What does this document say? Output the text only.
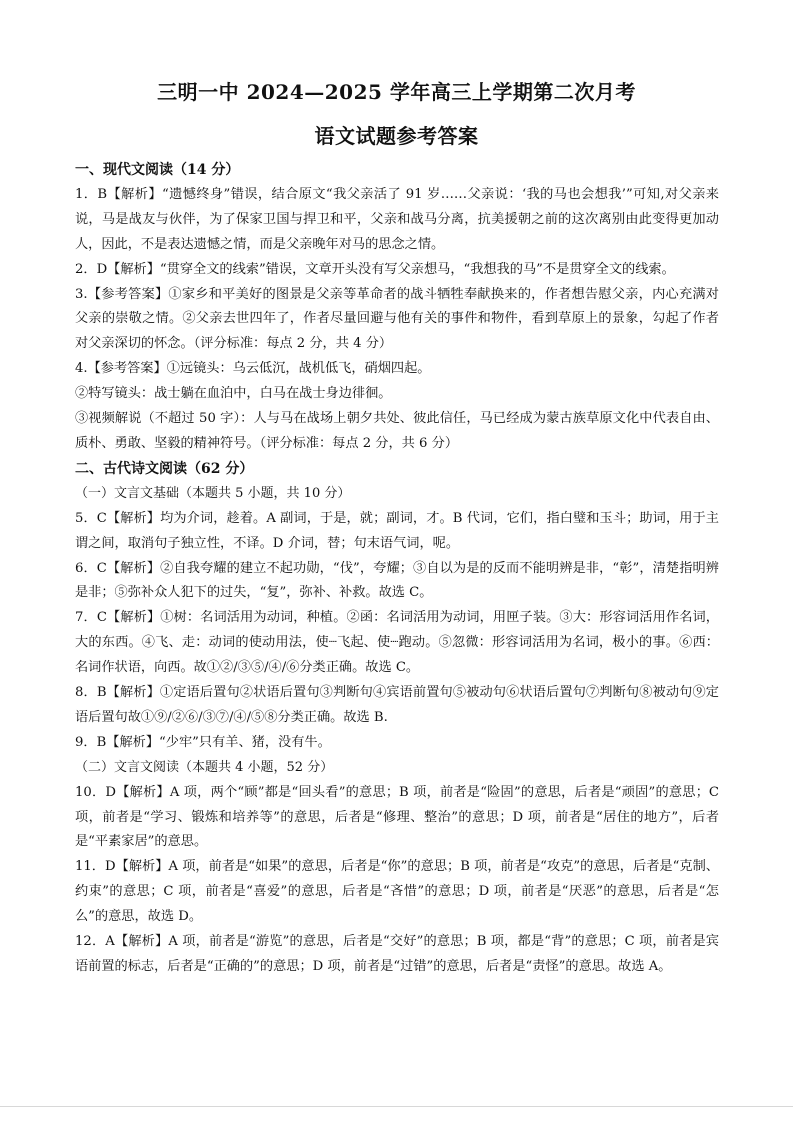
三明一中 2024—2025 学年高三上学期第二次月考
语文试题参考答案

一、现代文阅读（14 分）

1．B【解析】“遗憾终身”错误，结合原文“我父亲活了 91 岁……父亲说：‘我的马也会想我’”可知,对父亲来说，马是战友与伙伴，为了保家卫国与捍卫和平，父亲和战马分离，抗美援朝之前的这次离别由此变得更加动人，因此，不是表达遗憾之情，而是父亲晚年对马的思念之情。

2．D【解析】“贯穿全文的线索”错误，文章开头没有写父亲想马，“我想我的马”不是贯穿全文的线索。

3.【参考答案】①家乡和平美好的图景是父亲等革命者的战斗牺牲奉献换来的，作者想告慰父亲，内心充满对父亲的崇敬之情。②父亲去世四年了，作者尽量回避与他有关的事件和物件，看到草原上的景象，勾起了作者对父亲深切的怀念。（评分标准：每点 2 分，共 4 分）

4.【参考答案】①远镜头：乌云低沉，战机低飞，硝烟四起。

②特写镜头：战士躺在血泊中，白马在战士身边徘徊。

③视频解说（不超过 50 字）：人与马在战场上朝夕共处、彼此信任，马已经成为蒙古族草原文化中代表自由、质朴、勇敢、坚毅的精神符号。（评分标准：每点 2 分，共 6 分）

二、古代诗文阅读（62 分）

（一）文言文基础（本题共 5 小题，共 10 分）

5．C【解析】均为介词，趁着。A 副词，于是，就；副词，才。B 代词，它们，指白璧和玉斗；助词，用于主谓之间，取消句子独立性，不译。D 介词，替；句末语气词，呢。

6．C【解析】②自我夸耀的建立不起功勋，“伐”，夸耀；③自以为是的反而不能明辨是非，“彰”，清楚指明辨是非；⑤弥补众人犯下的过失，“复”，弥补、补救。故选 C。

7．C【解析】①树：名词活用为动词，种植。②函：名词活用为动词，用匣子装。③大：形容词活用作名词，大的东西。④飞、走：动词的使动用法，使┈飞起、使┈跑动。⑤忽微：形容词活用为名词，极小的事。⑥西：名词作状语，向西。故①②/③⑤/④/⑥分类正确。故选 C。

8．B【解析】①定语后置句②状语后置句③判断句④宾语前置句⑤被动句⑥状语后置句⑦判断句⑧被动句⑨定语后置句故①⑨/②⑥/③⑦/④/⑤⑧分类正确。故选 B.

9．B【解析】“少牢”只有羊、猪，没有牛。

（二）文言文阅读（本题共 4 小题，52 分）

10．D【解析】A 项，两个“顾”都是“回头看”的意思；B 项，前者是“险固”的意思，后者是“顽固”的意思；C 项，前者是“学习、锻炼和培养等”的意思，后者是“修理、整治”的意思；D 项，前者是“居住的地方”，后者是“平素家居”的意思。

11．D【解析】A 项，前者是“如果”的意思，后者是“你”的意思；B 项，前者是“攻克”的意思，后者是“克制、约束”的意思；C 项，前者是“喜爱”的意思，后者是“吝惜”的意思；D 项，前者是“厌恶”的意思，后者是“怎么”的意思，故选 D。

12．A【解析】A 项，前者是“游览”的意思，后者是“交好”的意思；B 项，都是“背”的意思；C 项，前者是宾语前置的标志，后者是“正确的”的意思；D 项，前者是“过错”的意思，后者是“责怪”的意思。故选 A。
